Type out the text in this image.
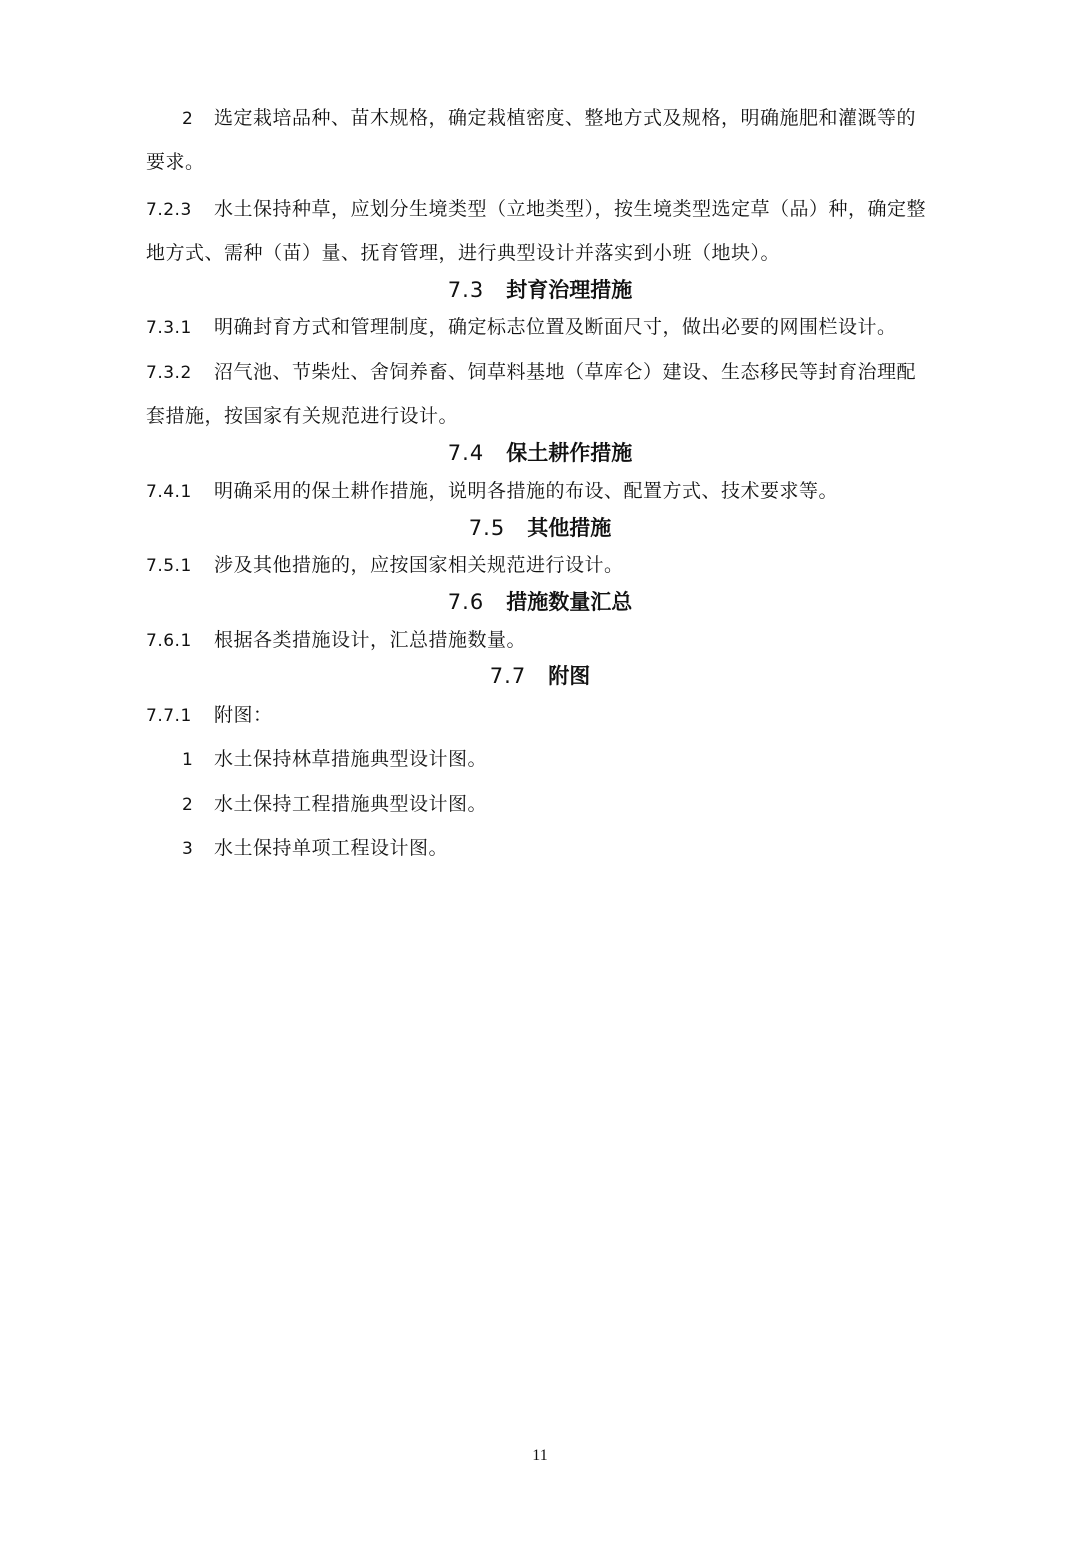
2 选定栽培品种、苗木规格，确定栽植密度、整地方式及规格，明确施肥和灌溉等的
要求。
7.2.3 水土保持种草，应划分生境类型（立地类型），按生境类型选定草（品）种，确定整
地方式、需种（苗）量、抚育管理，进行典型设计并落实到小班（地块）。
7.3 封育治理措施
7.3.1 明确封育方式和管理制度，确定标志位置及断面尺寸，做出必要的网围栏设计。
7.3.2 沼气池、节柴灶、舍饲养畜、饲草料基地（草库仑）建设、生态移民等封育治理配
套措施，按国家有关规范进行设计。
7.4 保土耕作措施
7.4.1 明确采用的保土耕作措施，说明各措施的布设、配置方式、技术要求等。
7.5 其他措施
7.5.1 涉及其他措施的，应按国家相关规范进行设计。
7.6 措施数量汇总
7.6.1 根据各类措施设计，汇总措施数量。
7.7 附图
7.7.1 附图：
1 水土保持林草措施典型设计图。
2 水土保持工程措施典型设计图。
3 水土保持单项工程设计图。
11
